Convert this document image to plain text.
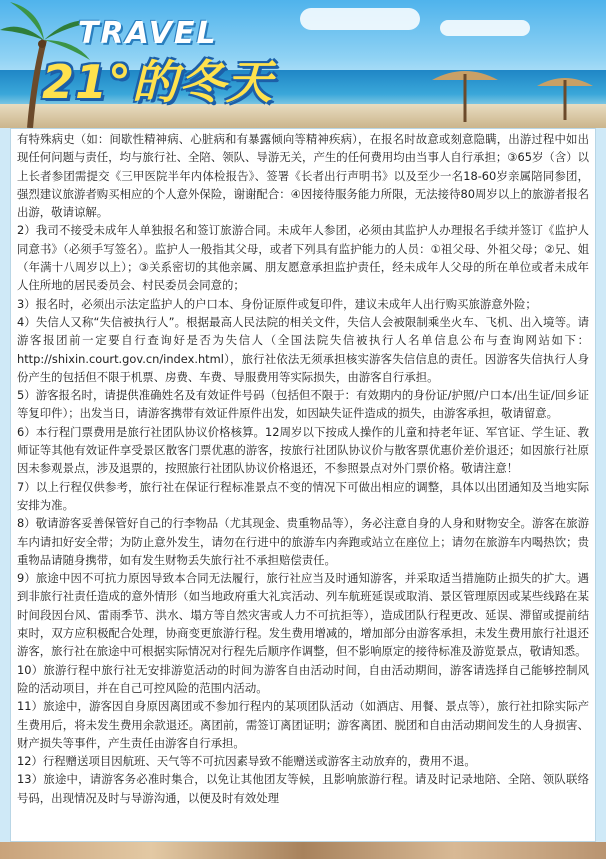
TRAVEL
21°的冬天

有特殊病史（如：间歇性精神病、心脏病和有暴露倾向等精神疾病），在报名时故意或刻意隐瞒，出游过程中如出现任何问题与责任，均与旅行社、全陪、领队、导游无关，产生的任何费用均由当事人自行承担；③65岁（含）以上长者参团需提交《三甲医院半年内体检报告》、签署《长者出行声明书》以及至少一名18-60岁亲属陪同参团，强烈建议旅游者购买相应的个人意外保险，谢谢配合：④因接待服务能力所限，无法接待80周岁以上的旅游者报名出游，敬请谅解。

2）我司不接受未成年人单独报名和签订旅游合同。未成年人参团，必须由其监护人办理报名手续并签订《监护人同意书》（必须手写签名）。监护人一般指其父母，或者下列具有监护能力的人员：①祖父母、外祖父母；②兄、姐（年满十八周岁以上）；③关系密切的其他亲属、朋友愿意承担监护责任，经未成年人父母的所在单位或者未成年人住所地的居民委员会、村民委员会同意的；

3）报名时，必须出示法定监护人的户口本、身份证原件或复印件，建议未成年人出行购买旅游意外险；

4）失信人又称“失信被执行人”。根据最高人民法院的相关文件，失信人会被限制乘坐火车、飞机、出入境等。请游客报团前一定要自行查询好是否为失信人（全国法院失信被执行人名单信息公布与查询网站如下：http://shixin.court.gov.cn/index.html），旅行社依法无须承担核实游客失信信息的责任。因游客失信执行人身份产生的包括但不限于机票、房费、车费、导服费用等实际损失，由游客自行承担。

5）游客报名时，请提供准确姓名及有效证件号码（包括但不限于：有效期内的身份证/护照/户口本/出生证/回乡证等复印件）；出发当日，请游客携带有效证件原件出发，如因缺失证件造成的损失，由游客承担，敬请留意。

6）本行程门票费用是旅行社团队协议价格核算。12周岁以下按成人操作的儿童和持老年证、军官证、学生证、教师证等其他有效证件享受景区散客门票优惠的游客，按旅行社团队协议价与散客票优惠价差价退还；如因旅行社原因未参观景点，涉及退票的，按照旅行社团队协议价格退还，不参照景点对外门票价格。敬请注意！

7）以上行程仅供参考，旅行社在保证行程标准景点不变的情况下可做出相应的调整，具体以出团通知及当地实际安排为准。

8）敬请游客妥善保管好自己的行李物品（尤其现金、贵重物品等），务必注意自身的人身和财物安全。游客在旅游车内请扣好安全带；为防止意外发生，请勿在行进中的旅游车内奔跑或站立在座位上；请勿在旅游车内喝热饮；贵重物品请随身携带，如有发生财物丢失旅行社不承担赔偿责任。

9）旅途中因不可抗力原因导致本合同无法履行，旅行社应当及时通知游客，并采取适当措施防止损失的扩大。遇到非旅行社责任造成的意外情形（如当地政府重大礼宾活动、列车航班延误或取消、景区管理原因或某些线路在某时间段因台风、雷雨季节、洪水、塌方等自然灾害或人力不可抗拒等），造成团队行程更改、延误、滞留或提前结束时，双方应积极配合处理，协商变更旅游行程。发生费用增减的，增加部分由游客承担，未发生费用旅行社退还游客，旅行社在旅途中可根据实际情况对行程先后顺序作调整，但不影响原定的接待标准及游览景点，敬请知悉。

10）旅游行程中旅行社无安排游览活动的时间为游客自由活动时间，自由活动期间，游客请选择自己能够控制风险的活动项目，并在自己可控风险的范围内活动。

11）旅途中，游客因自身原因离团或不参加行程内的某项团队活动（如酒店、用餐、景点等），旅行社扣除实际产生费用后，将未发生费用余款退还。离团前，需签订离团证明；游客离团、脱团和自由活动期间发生的人身损害、财产损失等事件，产生责任由游客自行承担。

12）行程赠送项目因航班、天气等不可抗因素导致不能赠送或游客主动放弃的，费用不退。

13）旅途中，请游客务必准时集合，以免让其他团友等候，且影响旅游行程。请及时记录地陪、全陪、领队联络号码，出现情况及时与导游沟通，以便及时有效处理
